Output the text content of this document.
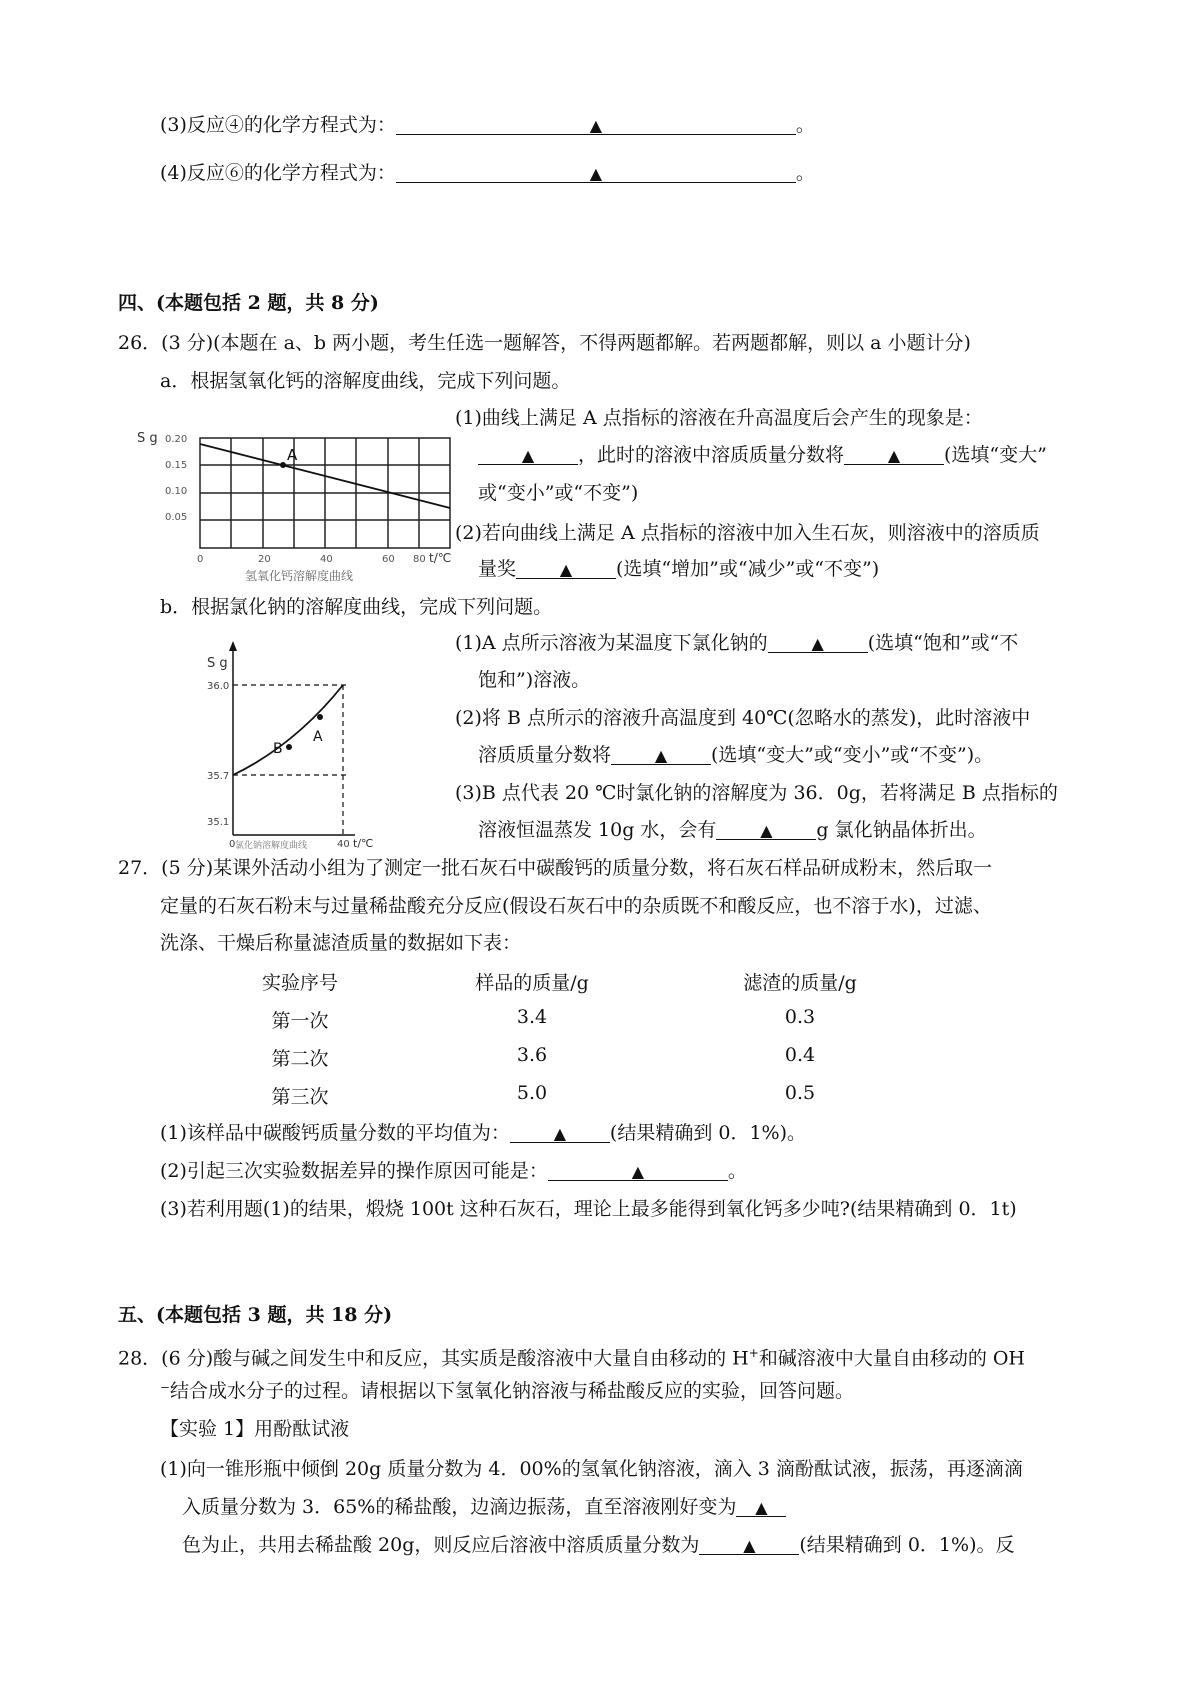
(3)反应④的化学方程式为：	▲	。
(4)反应⑥的化学方程式为：	▲	。
四、(本题包括 2 题，共 8 分)
26．(3 分)(本题在 a、b 两小题，考生任选一题解答，不得两题都解。若两题都解，则以 a 小题计分)
a．根据氢氧化钙的溶解度曲线，完成下列问题。
S g 0.20
0.15
0.10
0.05
A
0	20	40	60 80 t/℃
氢氧化钙溶解度曲线
(1)曲线上满足 A 点指标的溶液在升高温度后会产生的现象是：
▲ ，此时的溶液中溶质质量分数将	▲ (选填“变大”
或“变小”或“不变”)
(2)若向曲线上满足 A 点指标的溶液中加入生石灰，则溶液中的溶质质
量奖	▲ (选填“增加”或“减少”或“不变”)
b．根据氯化钠的溶解度曲线，完成下列问题。
S g
B
A
36.0
35.7
35.1
0	40 t/℃
氯化钠溶解度曲线
(1)A 点所示溶液为某温度下氯化钠的	▲ (选填“饱和”或“不
饱和”)溶液。
(2)将 B 点所示的溶液升高温度到 40℃(忽略水的蒸发)，此时溶液中
溶质质量分数将	▲ (选填“变大”或“变小”或“不变”)。
(3)B 点代表 20 ℃时氯化钠的溶解度为 36．0g，若将满足 B 点指标的
溶液恒温蒸发 10g 水，会有	▲ g 氯化钠晶体折出。
27．(5 分)某课外活动小组为了测定一批石灰石中碳酸钙的质量分数，将石灰石样品研成粉末，然后取一
定量的石灰石粉末与过量稀盐酸充分反应(假设石灰石中的杂质既不和酸反应，也不溶于水)，过滤、
洗涤、干燥后称量滤渣质量的数据如下表：
实验序号	样品的质量/g	滤渣的质量/g
第一次	3.4	0.3
第二次	3.6	0.4
第三次	5.0	0.5
(1)该样品中碳酸钙质量分数的平均值为：	▲ (结果精确到 0．1%)。
(2)引起三次实验数据差异的操作原因可能是：	▲	。
(3)若利用题(1)的结果，煅烧 100t 这种石灰石，理论上最多能得到氧化钙多少吨?(结果精确到 0．1t)
五、(本题包括 3 题，共 18 分)
28．(6 分)酸与碱之间发生中和反应，其实质是酸溶液中大量自由移动的 H+和碱溶液中大量自由移动的 OH
⁻结合成水分子的过程。请根据以下氢氧化钠溶液与稀盐酸反应的实验，回答问题。
【实验 1】用酚酞试液
(1)向一锥形瓶中倾倒 20g 质量分数为 4．00%的氢氧化钠溶液，滴入 3 滴酚酞试液，振荡，再逐滴滴
入质量分数为 3．65%的稀盐酸，边滴边振荡，直至溶液刚好变为 ▲
色为止，共用去稀盐酸 20g，则反应后溶液中溶质质量分数为	▲ (结果精确到 0．1%)。反
